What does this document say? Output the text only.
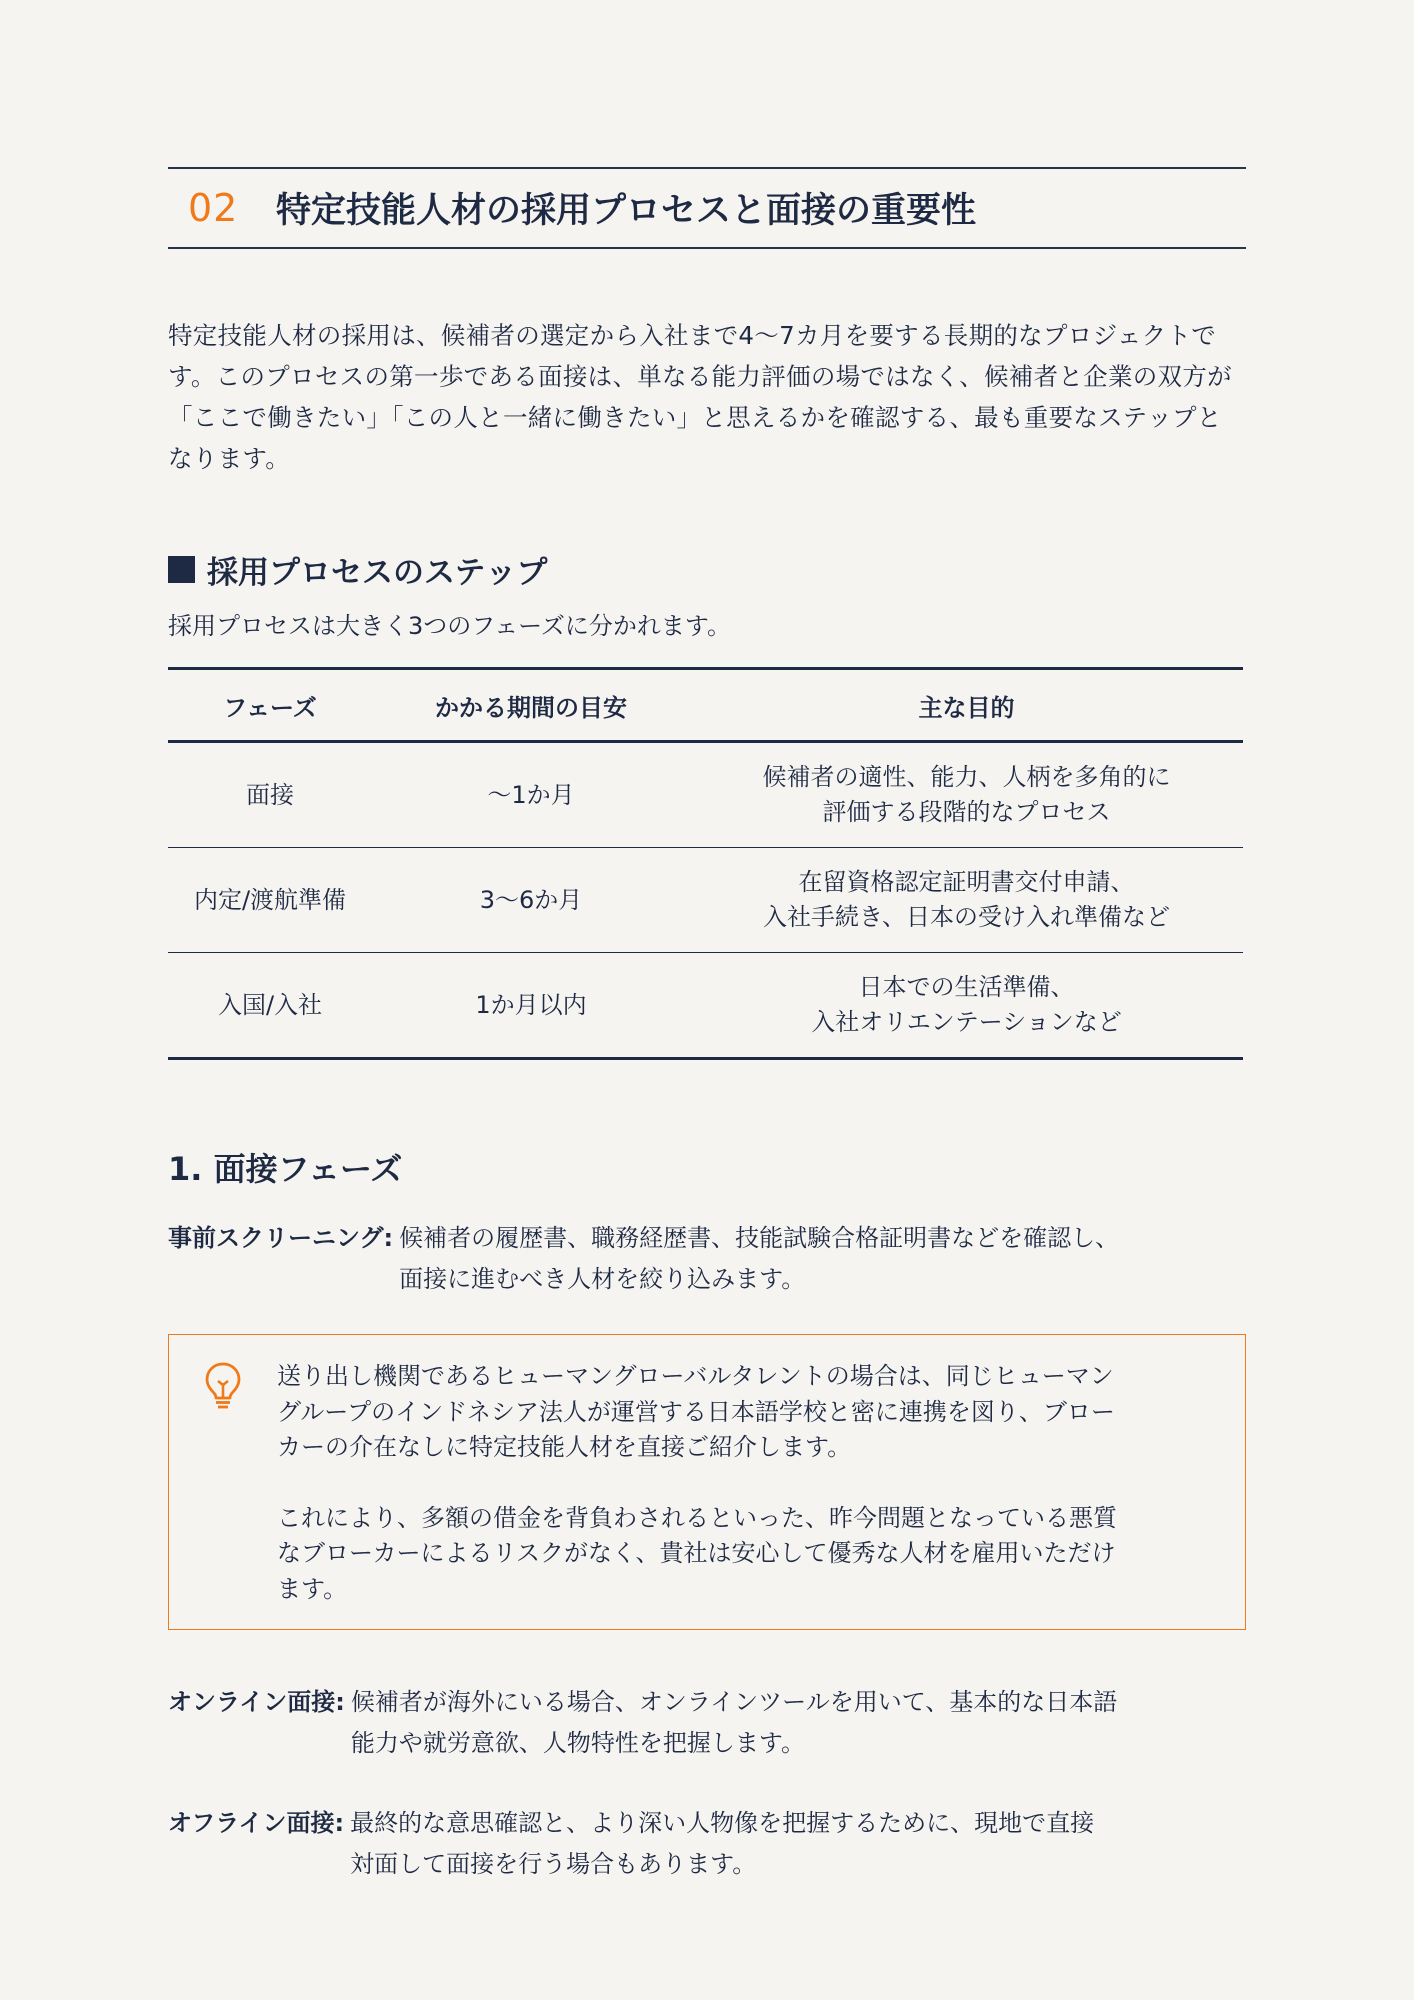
02	特定技能人材の採用プロセスと面接の重要性
特定技能人材の採用は、候補者の選定から入社まで4〜7カ月を要する長期的なプロジェクトです。このプロセスの第一歩である面接は、単なる能力評価の場ではなく、候補者と企業の双方が「ここで働きたい」「この人と一緒に働きたい」と思えるかを確認する、最も重要なステップとなります。
採用プロセスのステップ
採用プロセスは大きく3つのフェーズに分かれます。
フェーズ	かかる期間の目安	主な目的
面接	〜1か月	候補者の適性、能力、人柄を多角的に
評価する段階的なプロセス

内定/渡航準備	3〜6か月	在留資格認定証明書交付申請、
入社手続き、日本の受け入れ準備など

入国/入社	1か月以内	日本での生活準備、
入社オリエンテーションなど
1. 面接フェーズ
事前スクリーニング: 候補者の履歴書、職務経歴書、技能試験合格証明書などを確認し、
面接に進むべき人材を絞り込みます。

送り出し機関であるヒューマングローバルタレントの場合は、同じヒューマン
グループのインドネシア法人が運営する日本語学校と密に連携を図り、ブロー
カーの介在なしに特定技能人材を直接ご紹介します。

これにより、多額の借金を背負わされるといった、昨今問題となっている悪質
なブローカーによるリスクがなく、貴社は安心して優秀な人材を雇用いただけ
ます。

オンライン面接: 候補者が海外にいる場合、オンラインツールを用いて、基本的な日本語
能力や就労意欲、人物特性を把握します。
オフライン面接: 最終的な意思確認と、より深い人物像を把握するために、現地で直接
対面して面接を行う場合もあります。
